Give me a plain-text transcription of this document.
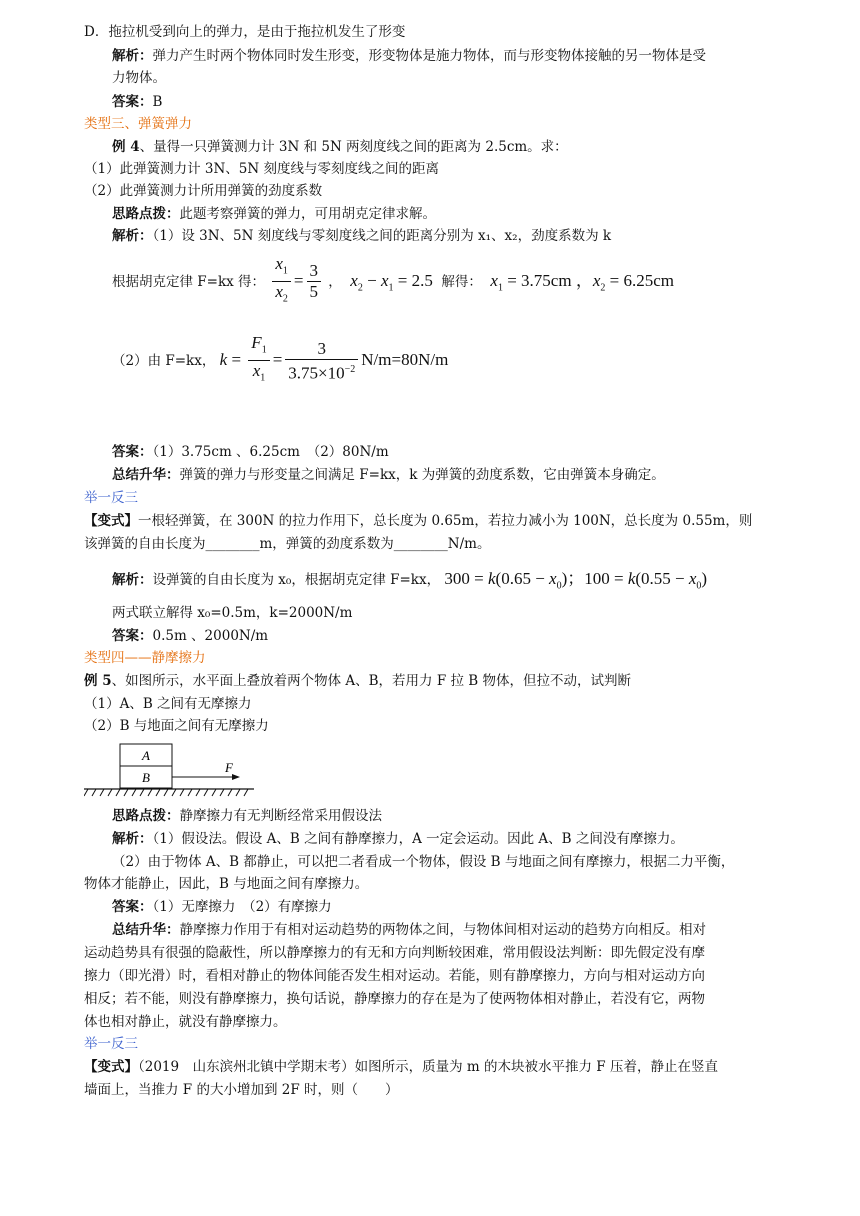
D．拖拉机受到向上的弹力，是由于拖拉机发生了形变
解析：弹力产生时两个物体同时发生形变，形变物体是施力物体，而与形变物体接触的另一物体是受
力物体。
答案：B
类型三、弹簧弹力
例 4、量得一只弹簧测力计 3N 和 5N 两刻度线之间的距离为 2.5cm。求：
（1）此弹簧测力计 3N、5N 刻度线与零刻度线之间的距离
（2）此弹簧测力计所用弹簧的劲度系数
思路点拨：此题考察弹簧的弹力，可用胡克定律求解。
解析：（1）设 3N、5N 刻度线与零刻度线之间的距离分别为 x₁、x₂，劲度系数为 k
根据胡克定律 F=kx 得： $\frac{x_1}{x_2} = \frac{3}{5}$ ， $x_2 - x_1 = 2.5$  解得： $x_1 = 3.75cm$ ，$x_2 = 6.25cm$
（2）由 F=kx， $k = \frac{F_1}{x_1} = \frac{3}{3.75\times 10^{-2}} N/m=80N/m$
答案：（1）3.75cm 、6.25cm　（2）80N/m
总结升华：弹簧的弹力与形变量之间满足 F=kx，k 为弹簧的劲度系数，它由弹簧本身确定。
举一反三
【变式】一根轻弹簧，在 300N 的拉力作用下，总长度为 0.65m，若拉力减小为 100N，总长度为 0.55m，则
该弹簧的自由长度为________m，弹簧的劲度系数为________N/m。
解析：设弹簧的自由长度为 x₀，根据胡克定律 F=kx， $300 = k(0.65 - x_0)$；$100 = k(0.55 - x_0)$
两式联立解得 x₀=0.5m，k=2000N/m
答案：0.5m 、2000N/m
类型四——静摩擦力
例 5、如图所示，水平面上叠放着两个物体 A、B，若用力 F 拉 B 物体，但拉不动，试判断
（1）A、B 之间有无摩擦力
（2）B 与地面之间有无摩擦力
A
B
F
思路点拨：静摩擦力有无判断经常采用假设法
解析：（1）假设法。假设 A、B 之间有静摩擦力，A 一定会运动。因此 A、B 之间没有摩擦力。
（2）由于物体 A、B 都静止，可以把二者看成一个物体，假设 B 与地面之间有摩擦力，根据二力平衡，
物体才能静止，因此，B 与地面之间有摩擦力。
答案：（1）无摩擦力　（2）有摩擦力
总结升华：静摩擦力作用于有相对运动趋势的两物体之间，与物体间相对运动的趋势方向相反。相对
运动趋势具有很强的隐蔽性，所以静摩擦力的有无和方向判断较困难，常用假设法判断：即先假定没有摩
擦力（即光滑）时，看相对静止的物体间能否发生相对运动。若能，则有静摩擦力，方向与相对运动方向
相反；若不能，则没有静摩擦力，换句话说，静摩擦力的存在是为了使两物体相对静止，若没有它，两物
体也相对静止，就没有静摩擦力。
举一反三
【变式】（2019　山东滨州北镇中学期末考）如图所示，质量为 m 的木块被水平推力 F 压着，静止在竖直
墙面上，当推力 F 的大小增加到 2F 时，则（　　）
